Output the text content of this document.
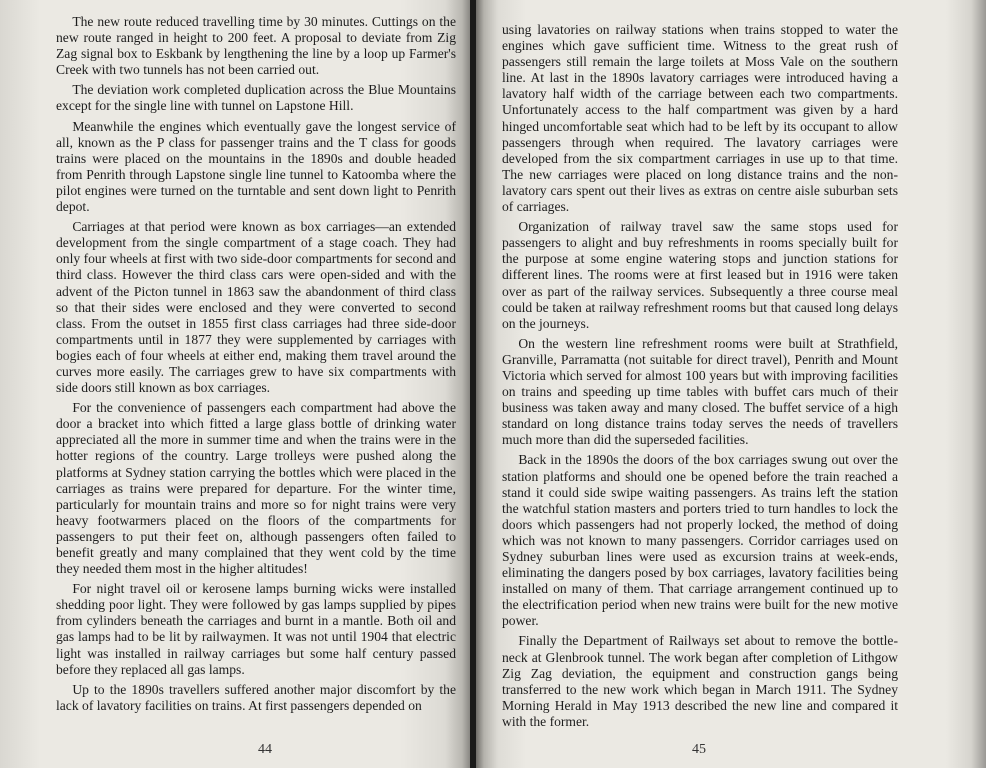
The new route reduced travelling time by 30 minutes. Cuttings on the new route ranged in height to 200 feet. A proposal to deviate from Zig Zag signal box to Eskbank by lengthening the line by a loop up Farmer's Creek with two tunnels has not been carried out.

The deviation work completed duplication across the Blue Mountains except for the single line with tunnel on Lapstone Hill.

Meanwhile the engines which eventually gave the longest service of all, known as the P class for passenger trains and the T class for goods trains were placed on the mountains in the 1890s and double headed from Penrith through Lapstone single line tunnel to Katoomba where the pilot engines were turned on the turntable and sent down light to Penrith depot.

Carriages at that period were known as box carriages—an extended development from the single compartment of a stage coach. They had only four wheels at first with two side-door compartments for second and third class. However the third class cars were open-sided and with the advent of the Picton tunnel in 1863 saw the abandonment of third class so that their sides were enclosed and they were converted to second class. From the outset in 1855 first class carriages had three side-door compartments until in 1877 they were supplemented by carriages with bogies each of four wheels at either end, making them travel around the curves more easily. The carriages grew to have six compartments with side doors still known as box carriages.

For the convenience of passengers each compartment had above the door a bracket into which fitted a large glass bottle of drinking water appreciated all the more in summer time and when the trains were in the hotter regions of the country. Large trolleys were pushed along the platforms at Sydney station carrying the bottles which were placed in the carriages as trains were prepared for departure. For the winter time, particularly for mountain trains and more so for night trains were very heavy footwarmers placed on the floors of the compartments for passengers to put their feet on, although passengers often failed to benefit greatly and many complained that they went cold by the time they needed them most in the higher altitudes!

For night travel oil or kerosene lamps burning wicks were installed shedding poor light. They were followed by gas lamps supplied by pipes from cylinders beneath the carriages and burnt in a mantle. Both oil and gas lamps had to be lit by railwaymen. It was not until 1904 that electric light was installed in railway carriages but some half century passed before they replaced all gas lamps.

Up to the 1890s travellers suffered another major discomfort by the lack of lavatory facilities on trains. At first passengers depended on

44

using lavatories on railway stations when trains stopped to water the engines which gave sufficient time. Witness to the great rush of passengers still remain the large toilets at Moss Vale on the southern line. At last in the 1890s lavatory carriages were introduced having a lavatory half width of the carriage between each two compartments. Unfortunately access to the half compartment was given by a hard hinged uncomfortable seat which had to be left by its occupant to allow passengers through when required. The lavatory carriages were developed from the six compartment carriages in use up to that time. The new carriages were placed on long distance trains and the non-lavatory cars spent out their lives as extras on centre aisle suburban sets of carriages.

Organization of railway travel saw the same stops used for passengers to alight and buy refreshments in rooms specially built for the purpose at some engine watering stops and junction stations for different lines. The rooms were at first leased but in 1916 were taken over as part of the railway services. Subsequently a three course meal could be taken at railway refreshment rooms but that caused long delays on the journeys.

On the western line refreshment rooms were built at Strathfield, Granville, Parramatta (not suitable for direct travel), Penrith and Mount Victoria which served for almost 100 years but with improving facilities on trains and speeding up time tables with buffet cars much of their business was taken away and many closed. The buffet service of a high standard on long distance trains today serves the needs of travellers much more than did the superseded facilities.

Back in the 1890s the doors of the box carriages swung out over the station platforms and should one be opened before the train reached a stand it could side swipe waiting passengers. As trains left the station the watchful station masters and porters tried to turn handles to lock the doors which passengers had not properly locked, the method of doing which was not known to many passengers. Corridor carriages used on Sydney suburban lines were used as excursion trains at week-ends, eliminating the dangers posed by box carriages, lavatory facilities being installed on many of them. That carriage arrangement continued up to the electrification period when new trains were built for the new motive power.

Finally the Department of Railways set about to remove the bottle-neck at Glenbrook tunnel. The work began after completion of Lithgow Zig Zag deviation, the equipment and construction gangs being transferred to the new work which began in March 1911. The Sydney Morning Herald in May 1913 described the new line and compared it with the former.

45
